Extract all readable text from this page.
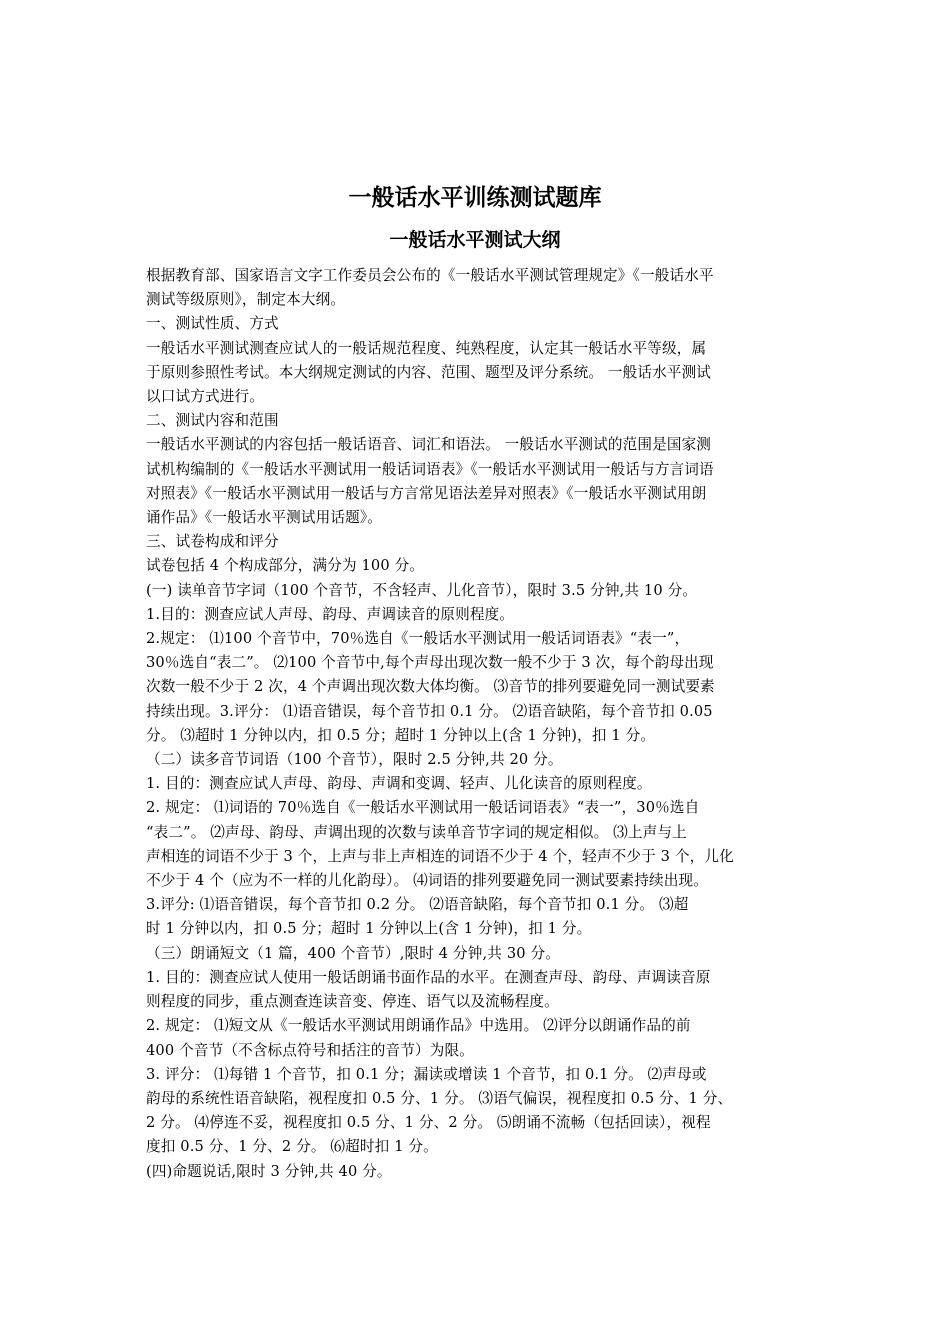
一般话水平训练测试题库
一般话水平测试大纲

根据教育部、国家语言文字工作委员会公布的《一般话水平测试管理规定》《一般话水平

测试等级原则》，制定本大纲。

一、测试性质、方式

一般话水平测试测查应试人的一般话规范程度、纯熟程度，认定其一般话水平等级，属

于原则参照性考试。本大纲规定测试的内容、范围、题型及评分系统。 一般话水平测试

以口试方式进行。

二、测试内容和范围

一般话水平测试的内容包括一般话语音、词汇和语法。 一般话水平测试的范围是国家测

试机构编制的《一般话水平测试用一般话词语表》《一般话水平测试用一般话与方言词语

对照表》《一般话水平测试用一般话与方言常见语法差异对照表》《一般话水平测试用朗

诵作品》《一般话水平测试用话题》。

三、试卷构成和评分

试卷包括 4 个构成部分，满分为 100 分。

(一) 读单音节字词（100 个音节，不含轻声、儿化音节），限时 3.5 分钟,共 10 分。

1.目的：测查应试人声母、韵母、声调读音的原则程度。

2.规定： ⑴100 个音节中，70％选自《一般话水平测试用一般话词语表》“表一”，

30％选自“表二”。 ⑵100 个音节中,每个声母出现次数一般不少于 3 次，每个韵母出现

次数一般不少于 2 次，4 个声调出现次数大体均衡。 ⑶音节的排列要避免同一测试要素

持续出现。3.评分： ⑴语音错误，每个音节扣 0.1 分。 ⑵语音缺陷，每个音节扣 0.05

分。 ⑶超时 1 分钟以内，扣 0.5 分；超时 1 分钟以上(含 1 分钟)，扣 1 分。

（二）读多音节词语（100 个音节），限时 2.5 分钟,共 20 分。

1. 目的：测查应试人声母、韵母、声调和变调、轻声、儿化读音的原则程度。

2. 规定： ⑴词语的 70％选自《一般话水平测试用一般话词语表》“表一”，30％选自

“表二”。 ⑵声母、韵母、声调出现的次数与读单音节字词的规定相似。 ⑶上声与上

声相连的词语不少于 3 个，上声与非上声相连的词语不少于 4 个，轻声不少于 3 个，儿化

不少于 4 个（应为不一样的儿化韵母）。 ⑷词语的排列要避免同一测试要素持续出现。

3.评分: ⑴语音错误，每个音节扣 0.2 分。 ⑵语音缺陷，每个音节扣 0.1 分。 ⑶超

时 1 分钟以内，扣 0.5 分；超时 1 分钟以上(含 1 分钟)，扣 1 分。

（三）朗诵短文（1 篇，400 个音节）,限时 4 分钟,共 30 分。

1. 目的：测查应试人使用一般话朗诵书面作品的水平。在测查声母、韵母、声调读音原

则程度的同步，重点测查连读音变、停连、语气以及流畅程度。

2. 规定： ⑴短文从《一般话水平测试用朗诵作品》中选用。 ⑵评分以朗诵作品的前

400 个音节（不含标点符号和括注的音节）为限。

3. 评分： ⑴每错 1 个音节，扣 0.1 分；漏读或增读 1 个音节，扣 0.1 分。 ⑵声母或

韵母的系统性语音缺陷，视程度扣 0.5 分、1 分。 ⑶语气偏误，视程度扣 0.5 分、1 分、

2 分。 ⑷停连不妥，视程度扣 0.5 分、1 分、2 分。 ⑸朗诵不流畅（包括回读），视程

度扣 0.5 分、1 分、2 分。 ⑹超时扣 1 分。

(四)命题说话,限时 3 分钟,共 40 分。
